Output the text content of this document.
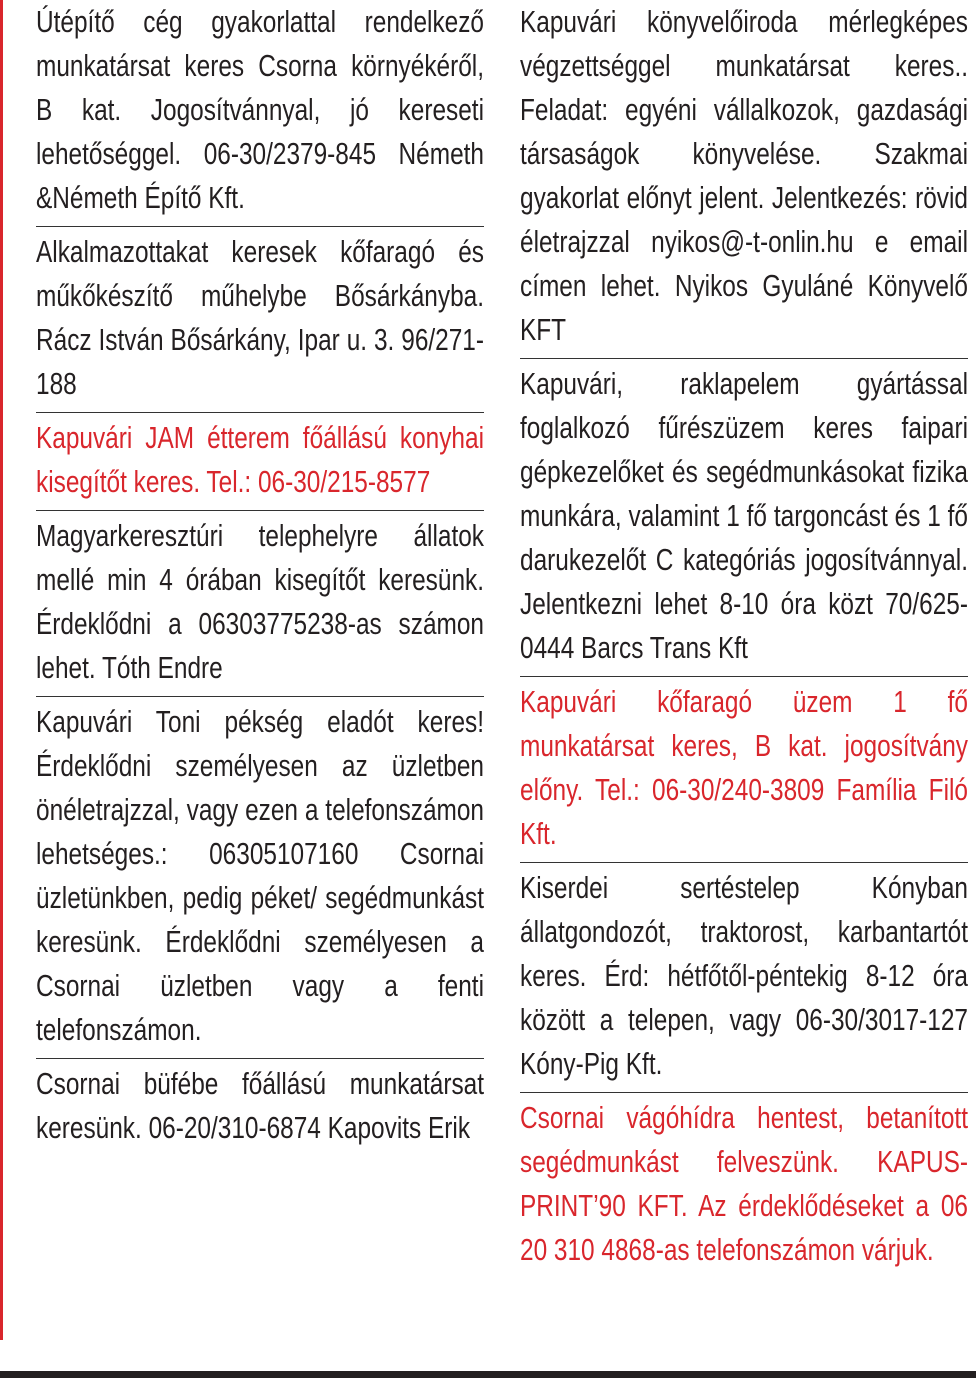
Útépítő cég gyakorlattal rendelkező munkatársat keres Csorna környékéről, B kat. Jogosítvánnyal, jó kereseti lehetőséggel. 06-30/2379-845 Németh &Németh Építő Kft.

Alkalmazottakat keresek kőfaragó és műkőkészítő műhelybe Bősárkányba. Rácz István Bősárkány, Ipar u. 3. 96/271-188

Kapuvári JAM étterem főállású konyhai kisegítőt keres. Tel.: 06-30/215-8577

Magyarkeresztúri telephelyre állatok mellé min 4 órában kisegítőt keresünk. Érdeklődni a 06303775238-as számon lehet. Tóth Endre

Kapuvári Toni pékség eladót keres! Érdeklődni személyesen az üzletben önéletrajzzal, vagy ezen a telefonszámon lehetséges.: 06305107160 Csornai üzletünkben, pedig péket/ segédmunkást keresünk. Érdeklődni személyesen a Csornai üzletben vagy a fenti telefonszámon.

Csornai büfébe főállású munkatársat keresünk. 06-20/310-6874 Kapovits Erik

Kapuvári könyvelőiroda mérlegképes végzettséggel munkatársat keres.. Feladat: egyéni vállalkozok, gazdasági társaságok könyvelése. Szakmai gyakorlat előnyt jelent. Jelentkezés: rövid életrajzzal nyikos@-t-onlin.hu e email címen lehet. Nyikos Gyuláné Könyvelő KFT

Kapuvári, raklapelem gyártással foglalkozó fűrészüzem keres faipari gépkezelőket és segédmunkásokat fizika munkára, valamint 1 fő targoncást és 1 fő darukezelőt C kategóriás jogosítvánnyal. Jelentkezni lehet 8-10 óra közt 70/625-0444 Barcs Trans Kft

Kapuvári kőfaragó üzem 1 fő munkatársat keres, B kat. jogosítvány előny. Tel.: 06-30/240-3809 Família Filó Kft.

Kiserdei sertéstelep Kónyban állatgondozót, traktorost, karbantartót keres. Érd: hétfőtől-péntekig 8-12 óra között a telepen, vagy 06-30/3017-127 Kóny-Pig Kft.

Csornai vágóhídra hentest, betanított segédmunkást felveszünk. KAPUS-PRINT’90 KFT. Az érdeklődéseket a 06 20 310 4868-as telefonszámon várjuk.
